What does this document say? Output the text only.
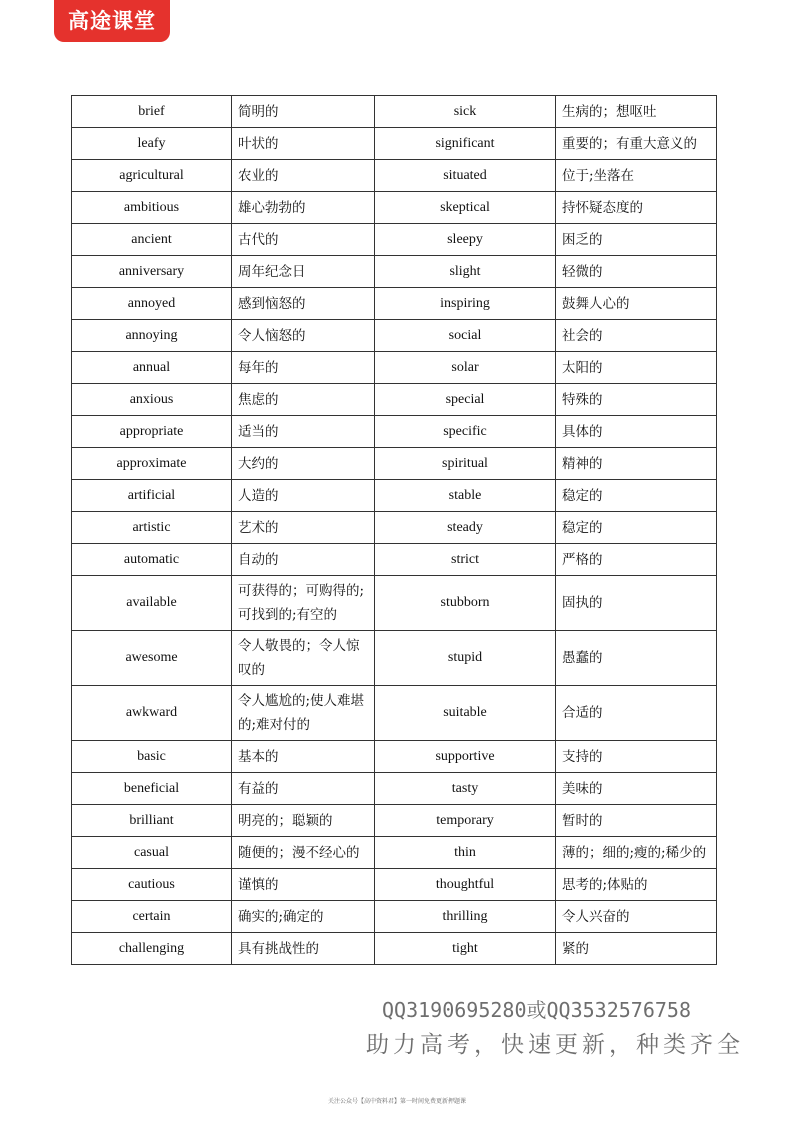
高途课堂
brief	简明的	sick	生病的；想呕吐
leafy	叶状的	significant	重要的；有重大意义的
agricultural	农业的	situated	位于;坐落在
ambitious	雄心勃勃的	skeptical	持怀疑态度的
ancient	古代的	sleepy	困乏的
anniversary	周年纪念日	slight	轻微的
annoyed	感到恼怒的	inspiring	鼓舞人心的
annoying	令人恼怒的	social	社会的
annual	每年的	solar	太阳的
anxious	焦虑的	special	特殊的
appropriate	适当的	specific	具体的
approximate	大约的	spiritual	精神的
artificial	人造的	stable	稳定的
artistic	艺术的	steady	稳定的
automatic	自动的	strict	严格的
available	可获得的；可购得的;可找到的;有空的	stubborn	固执的
awesome	令人敬畏的；令人惊叹的	stupid	愚蠢的
awkward	令人尴尬的;使人难堪的;难对付的	suitable	合适的
basic	基本的	supportive	支持的
beneficial	有益的	tasty	美味的
brilliant	明亮的；聪颖的	temporary	暂时的
casual	随便的；漫不经心的	thin	薄的；细的;瘦的;稀少的
cautious	谨慎的	thoughtful	思考的;体贴的
certain	确实的;确定的	thrilling	令人兴奋的
challenging	具有挑战性的	tight	紧的
QQ3190695280或QQ3532576758
助力高考，快速更新，种类齐全
关注公众号【高中资料君】第一时间免费更新押题课
